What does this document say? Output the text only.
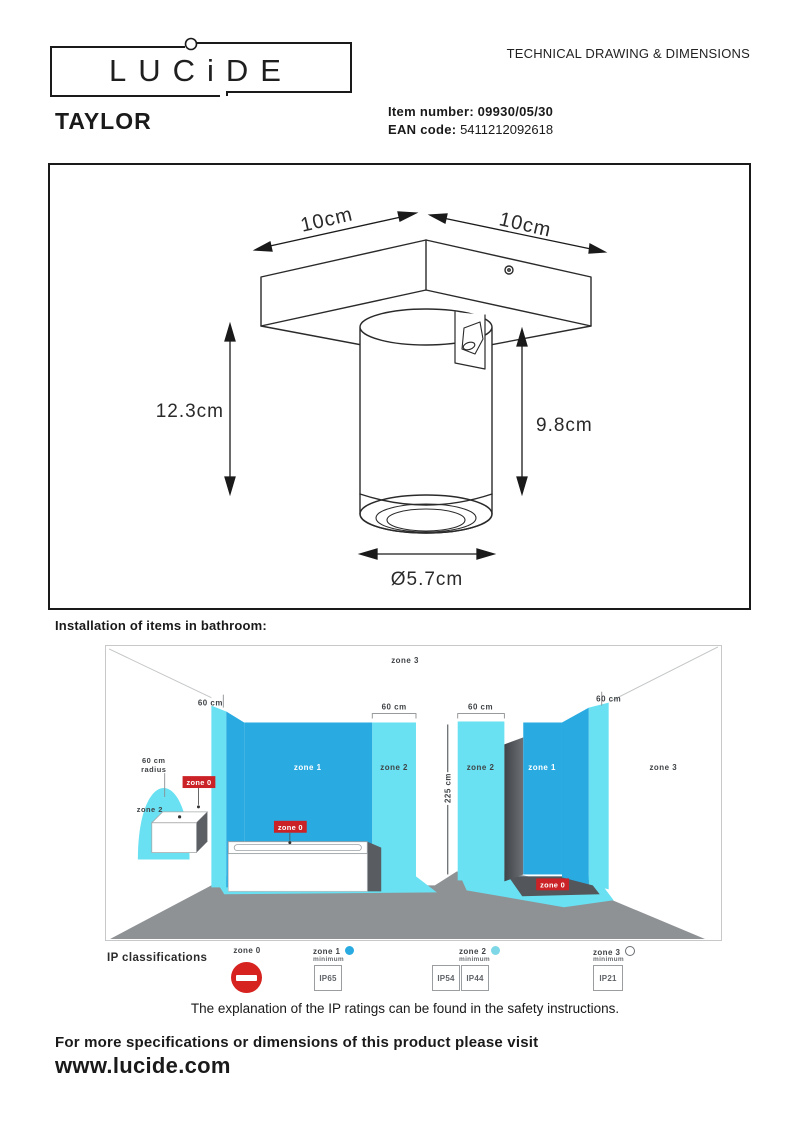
LUCiDE	TECHNICAL DRAWING & DIMENSIONS
TAYLOR	Item number: 09930/05/30
EAN code: 5411212092618
10cm	10cm
12.3cm
9.8cm
Ø5.7cm
Installation of items in bathroom:
zone 0
zone 0
zone 0
zone 3
60 cm	60 cm	60 cm
60 cm
60 cm
radius
zone 2
zone 1	zone 2	zone 2	zone 1	zone 3
225 cm
IP classifications
zone 0	zone 1
minimum
IP65
zone 2
minimum
IP54	IP44
zone 3
minimum
IP21
The explanation of the IP ratings can be found in the safety instructions.
For more specifications or dimensions of this product please visit
www.lucide.com
